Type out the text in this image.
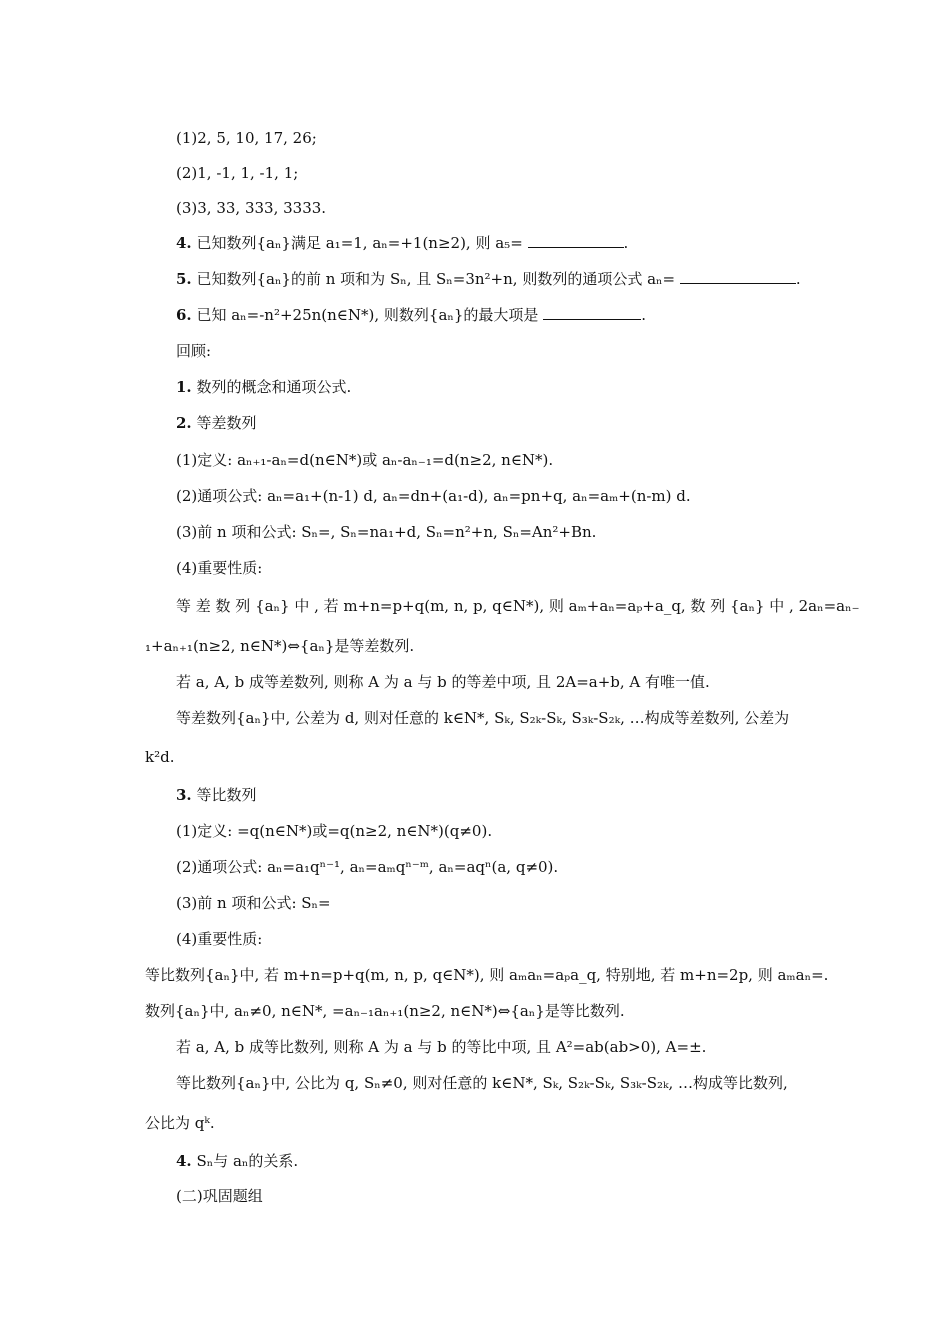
(1)2, 5, 10, 17, 26;
(2)1, -1, 1, -1, 1;
(3)3, 33, 333, 3333.
4. 已知数列{aₙ}满足 a₁=1, aₙ=+1(n≥2), 则 a₅=	.
5. 已知数列{aₙ}的前 n 项和为 Sₙ, 且 Sₙ=3n²+n, 则数列的通项公式 aₙ=	.
6. 已知 aₙ=-n²+25n(n∈N*), 则数列{aₙ}的最大项是	.
回顾:
1. 数列的概念和通项公式.
2. 等差数列
(1)定义: aₙ₊₁-aₙ=d(n∈N*)或 aₙ-aₙ₋₁=d(n≥2, n∈N*).
(2)通项公式: aₙ=a₁+(n-1) d, aₙ=dn+(a₁-d), aₙ=pn+q, aₙ=aₘ+(n-m) d.
(3)前 n 项和公式: Sₙ=, Sₙ=na₁+d, Sₙ=n²+n, Sₙ=An²+Bn.
(4)重要性质:
等 差 数 列 {aₙ} 中 , 若 m+n=p+q(m, n, p, q∈N*), 则 aₘ+aₙ=aₚ+a_q, 数 列 {aₙ} 中 , 2aₙ=aₙ₋
₁+aₙ₊₁(n≥2, n∈N*)⇔{aₙ}是等差数列.
若 a, A, b 成等差数列, 则称 A 为 a 与 b 的等差中项, 且 2A=a+b, A 有唯一值.
等差数列{aₙ}中, 公差为 d, 则对任意的 k∈N*, Sₖ, S₂ₖ-Sₖ, S₃ₖ-S₂ₖ, …构成等差数列, 公差为
k²d.
3. 等比数列
(1)定义: =q(n∈N*)或=q(n≥2, n∈N*)(q≠0).
(2)通项公式: aₙ=a₁qⁿ⁻¹, aₙ=aₘqⁿ⁻ᵐ, aₙ=aqⁿ(a, q≠0).
(3)前 n 项和公式: Sₙ=
(4)重要性质:
等比数列{aₙ}中, 若 m+n=p+q(m, n, p, q∈N*), 则 aₘaₙ=aₚa_q, 特别地, 若 m+n=2p, 则 aₘaₙ=.
数列{aₙ}中, aₙ≠0, n∈N*, =aₙ₋₁aₙ₊₁(n≥2, n∈N*)⇔{aₙ}是等比数列.
若 a, A, b 成等比数列, 则称 A 为 a 与 b 的等比中项, 且 A²=ab(ab>0), A=±.
等比数列{aₙ}中, 公比为 q, Sₙ≠0, 则对任意的 k∈N*, Sₖ, S₂ₖ-Sₖ, S₃ₖ-S₂ₖ, …构成等比数列,
公比为 qᵏ.
4. Sₙ与 aₙ的关系.
(二)巩固题组
